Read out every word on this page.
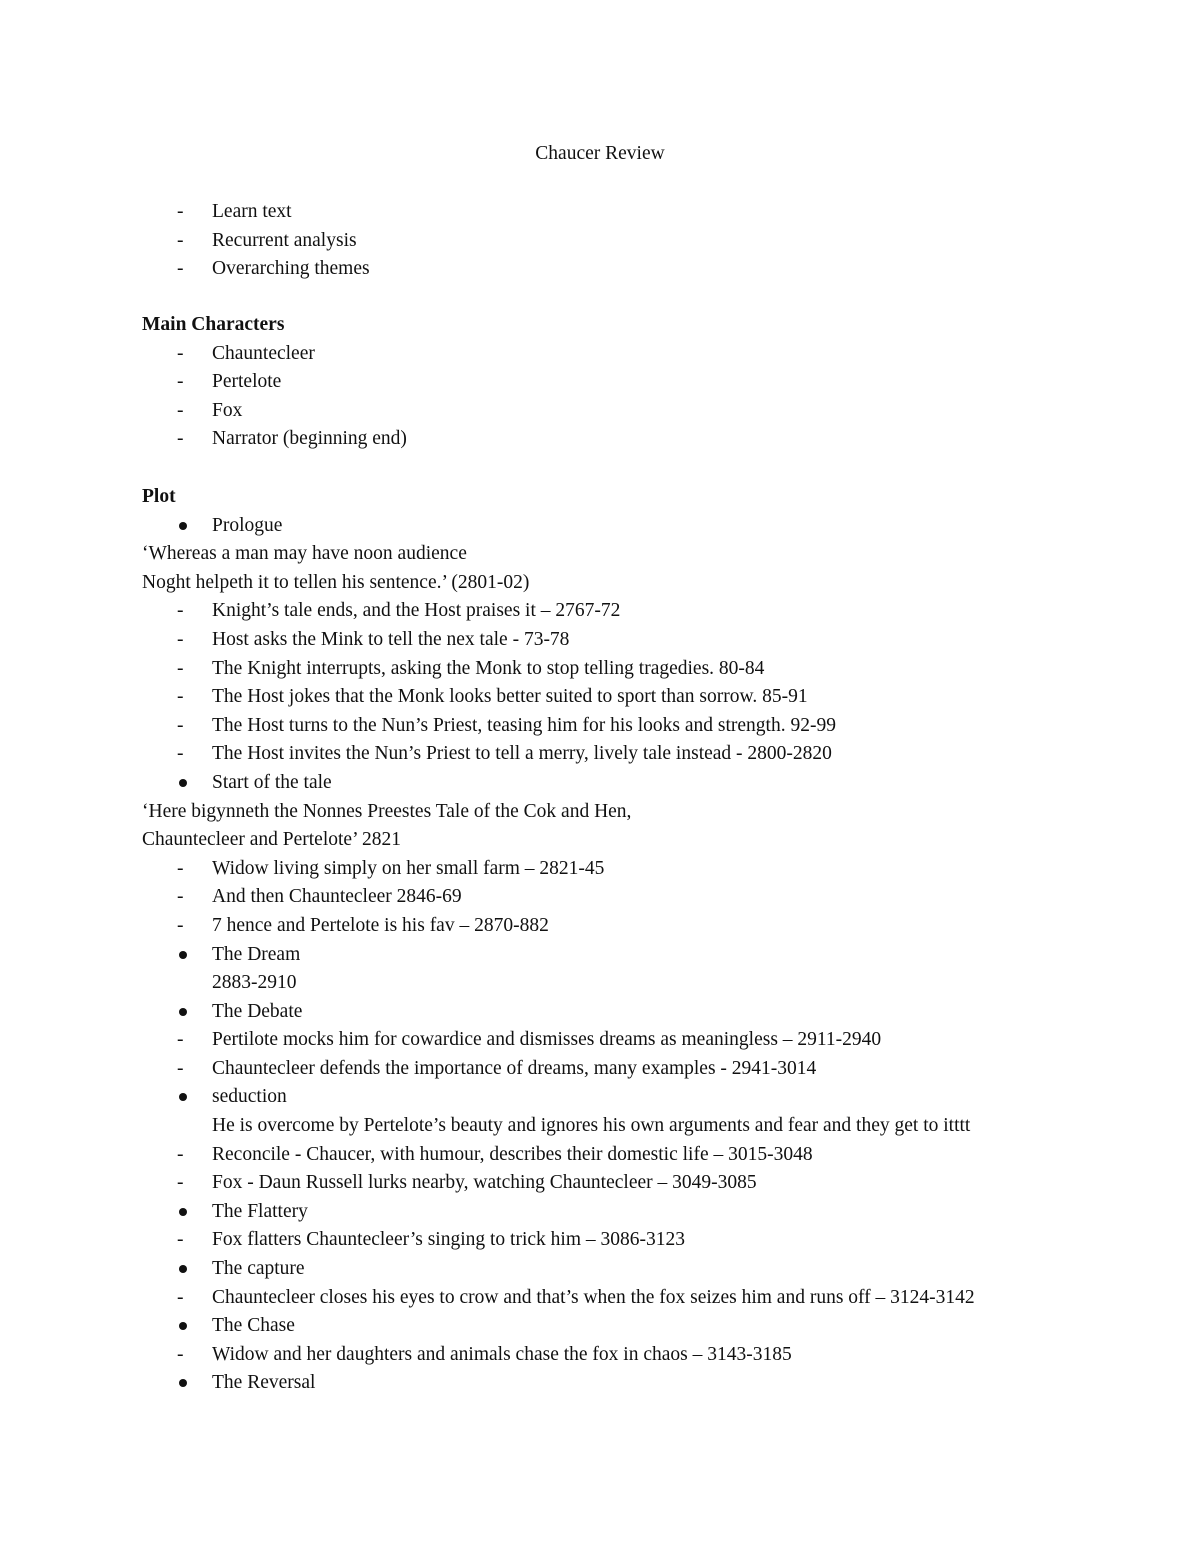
Chaucer Review
-	Learn text
-	Recurrent analysis
-	Overarching themes
Main Characters
-	Chauntecleer
-	Pertelote
-	Fox
-	Narrator (beginning end)
Plot
Prologue
‘Whereas a man may have noon audience
Noght helpeth it to tellen his sentence.’ (2801-02)
-	Knight’s tale ends, and the Host praises it – 2767-72
-	Host asks the Mink to tell the nex tale - 73-78
-	The Knight interrupts, asking the Monk to stop telling tragedies. 80-84
-	The Host jokes that the Monk looks better suited to sport than sorrow. 85-91
-	The Host turns to the Nun’s Priest, teasing him for his looks and strength. 92-99
-	The Host invites the Nun’s Priest to tell a merry, lively tale instead - 2800-2820
Start of the tale
‘Here bigynneth the Nonnes Preestes Tale of the Cok and Hen,
Chauntecleer and Pertelote’ 2821
-	Widow living simply on her small farm – 2821-45
-	And then Chauntecleer 2846-69
-	7 hence and Pertelote is his fav – 2870-882
The Dream
2883-2910
The Debate
-	Pertilote mocks him for cowardice and dismisses dreams as meaningless – 2911-2940
-	Chauntecleer defends the importance of dreams, many examples - 2941-3014
seduction
He is overcome by Pertelote’s beauty and ignores his own arguments and fear and they get to itttt
-	Reconcile - Chaucer, with humour, describes their domestic life – 3015-3048
-	Fox - Daun Russell lurks nearby, watching Chauntecleer – 3049-3085
The Flattery
-	Fox flatters Chauntecleer’s singing to trick him – 3086-3123
The capture
-	Chauntecleer closes his eyes to crow and that’s when the fox seizes him and runs off – 3124-3142
The Chase
-	Widow and her daughters and animals chase the fox in chaos – 3143-3185
The Reversal
